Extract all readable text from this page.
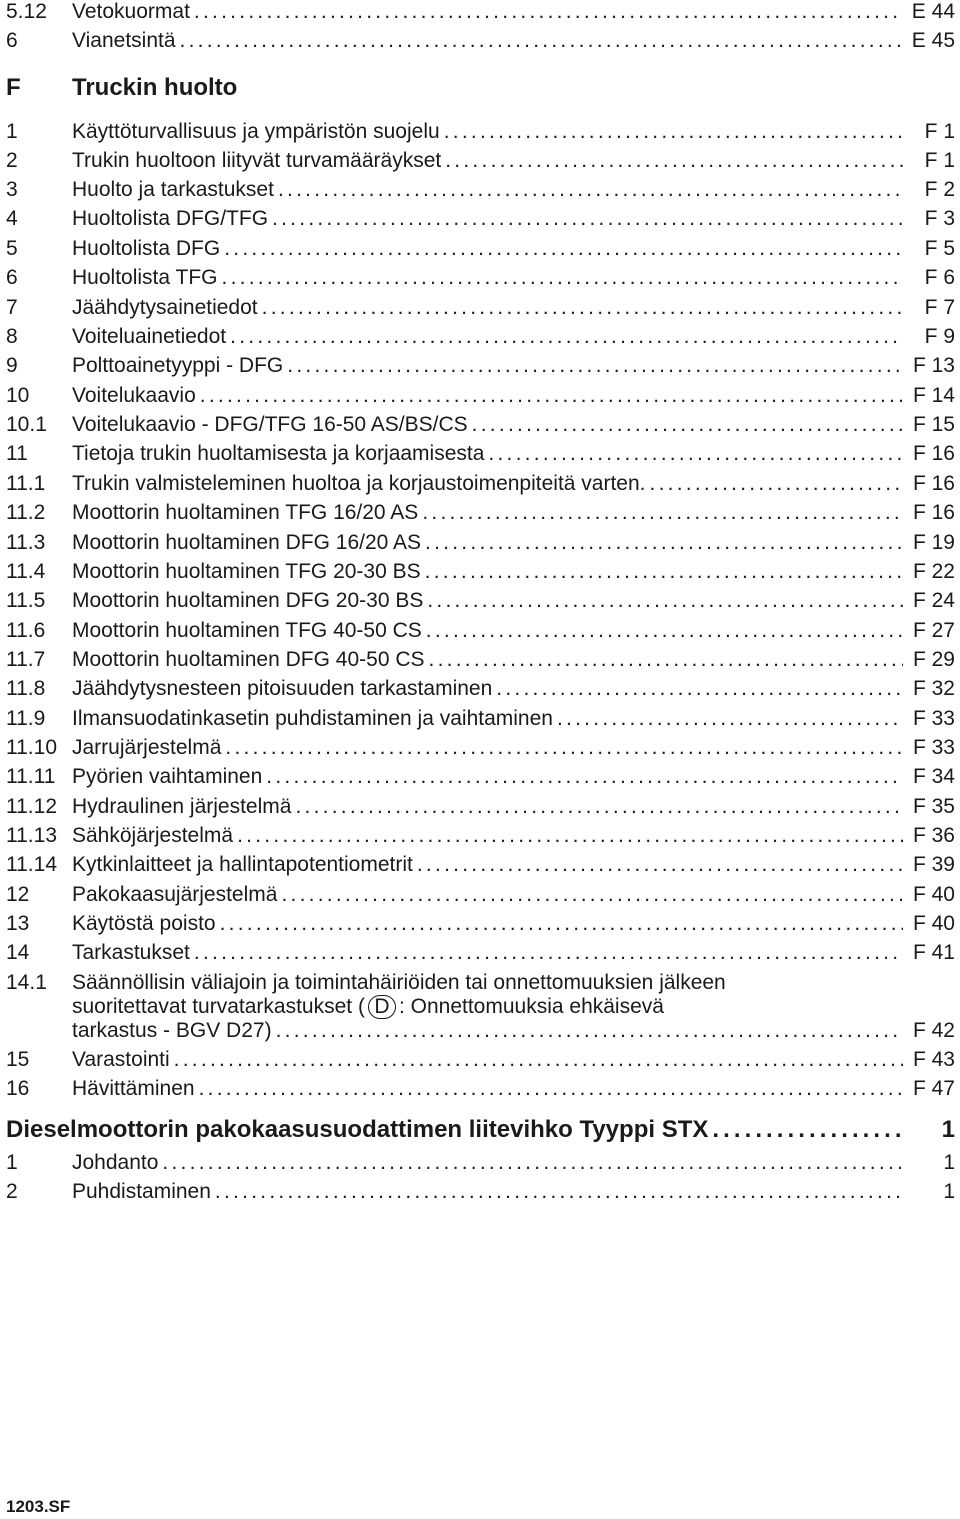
5.12	Vetokuormat . . .	E 44
6	Vianetsintä . . .	E 45
F	Truckin huolto
1	Käyttöturvallisuus ja ympäristön suojelu . . .	F 1
2	Trukin huoltoon liityvät turvamääräykset . . .	F 1
3	Huolto ja tarkastukset . . .	F 2
4	Huoltolista DFG/TFG . . .	F 3
5	Huoltolista DFG . . .	F 5
6	Huoltolista TFG . . .	F 6
7	Jäähdytysainetiedot . . .	F 7
8	Voiteluainetiedot . . .	F 9
9	Polttoainetyyppi - DFG . . .	F 13
10	Voitelukaavio . . .	F 14
10.1	Voitelukaavio - DFG/TFG 16-50 AS/BS/CS . . .	F 15
11	Tietoja trukin huoltamisesta ja korjaamisesta . . .	F 16
11.1	Trukin valmisteleminen huoltoa ja korjaustoimenpiteitä varten. . . .	F 16
11.2	Moottorin huoltaminen TFG 16/20 AS . . .	F 16
11.3	Moottorin huoltaminen DFG 16/20 AS . . .	F 19
11.4	Moottorin huoltaminen TFG 20-30 BS . . .	F 22
11.5	Moottorin huoltaminen DFG 20-30 BS . . .	F 24
11.6	Moottorin huoltaminen TFG 40-50 CS . . .	F 27
11.7	Moottorin huoltaminen DFG 40-50 CS . . .	F 29
11.8	Jäähdytysnesteen pitoisuuden tarkastaminen . . .	F 32
11.9	Ilmansuodatinkasetin puhdistaminen ja vaihtaminen . . .	F 33
11.10 Jarrujärjestelmä . . .	F 33
11.11 Pyörien vaihtaminen . . .	F 34
11.12 Hydraulinen järjestelmä . . .	F 35
11.13 Sähköjärjestelmä . . .	F 36
11.14 Kytkinlaitteet ja hallintapotentiometrit . . .	F 39
12	Pakokaasujärjestelmä . . .	F 40
13	Käytöstä poisto . . .	F 40
14	Tarkastukset . . .	F 41
14.1	Säännöllisin väliajoin ja toimintahäiriöiden tai onnettomuuksien jälkeen
suoritettavat turvatarkastukset ( D : Onnettomuuksia ehkäisevä
tarkastus - BGV D27) . . .	F 42
15	Varastointi . . .	F 43
16	Hävittäminen . . .	F 47
Dieselmoottorin pakokaasusuodattimen liitevihko Tyyppi STX . . .	1
1	Johdanto . . .	1
2	Puhdistaminen . . .	1
1203.SF
